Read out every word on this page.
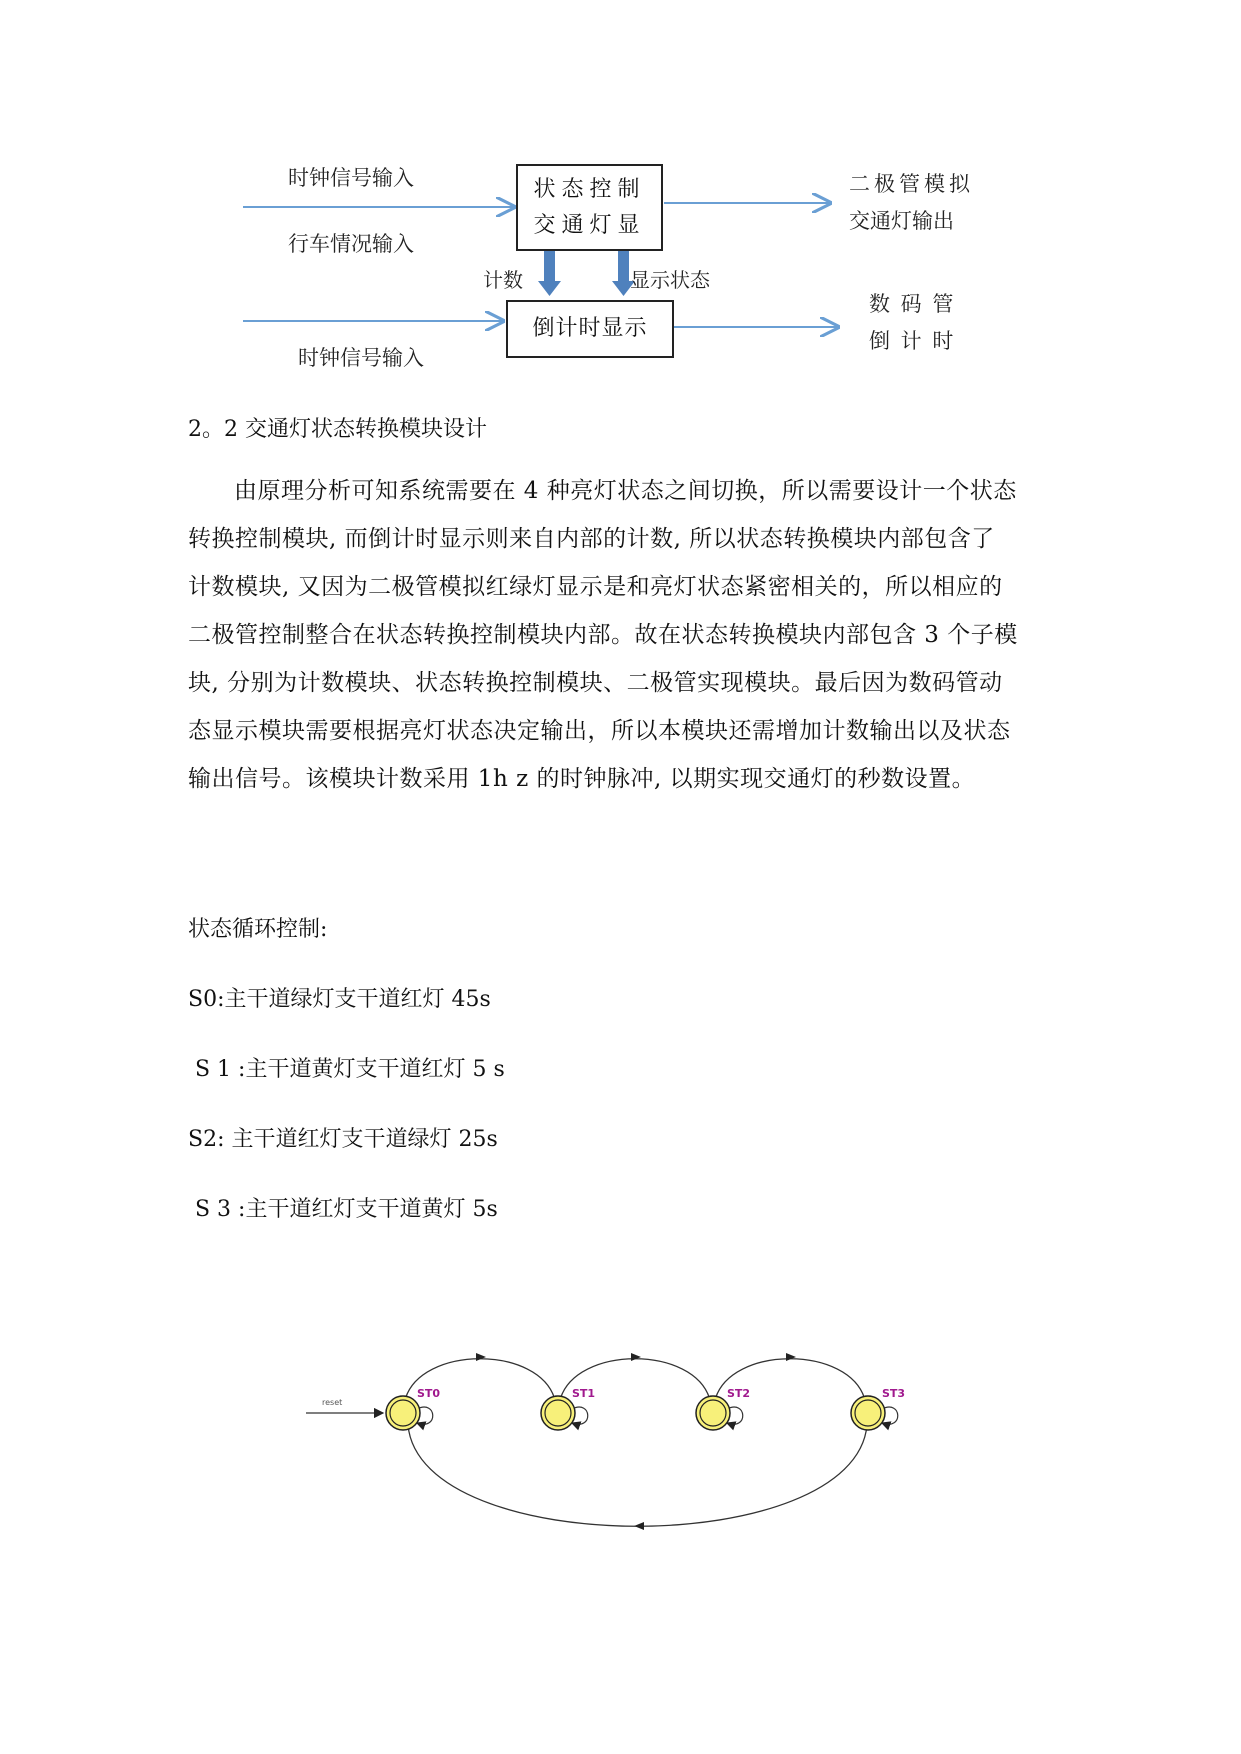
时钟信号输入
行车情况输入
时钟信号输入
状态控制
交通灯显
计数	显示状态
倒计时显示
二极管模拟
交通灯输出
数 码 管
倒 计 时
2。2 交通灯状态转换模块设计
由原理分析可知系统需要在 4 种亮灯状态之间切换，所以需要设计一个状态
转换控制模块, 而倒计时显示则来自内部的计数, 所以状态转换模块内部包含了
计数模块, 又因为二极管模拟红绿灯显示是和亮灯状态紧密相关的，所以相应的
二极管控制整合在状态转换控制模块内部。故在状态转换模块内部包含 3 个子模
块, 分别为计数模块、状态转换控制模块、二极管实现模块。最后因为数码管动
态显示模块需要根据亮灯状态决定输出，所以本模块还需增加计数输出以及状态
输出信号。该模块计数采用 1h z 的时钟脉冲, 以期实现交通灯的秒数设置。
状态循环控制:
S0:主干道绿灯支干道红灯 45s
S 1 :主干道黄灯支干道红灯 5 s
S2: 主干道红灯支干道绿灯 25s
S 3 :主干道红灯支干道黄灯 5s
reset
ST0	ST1	ST2	ST3
